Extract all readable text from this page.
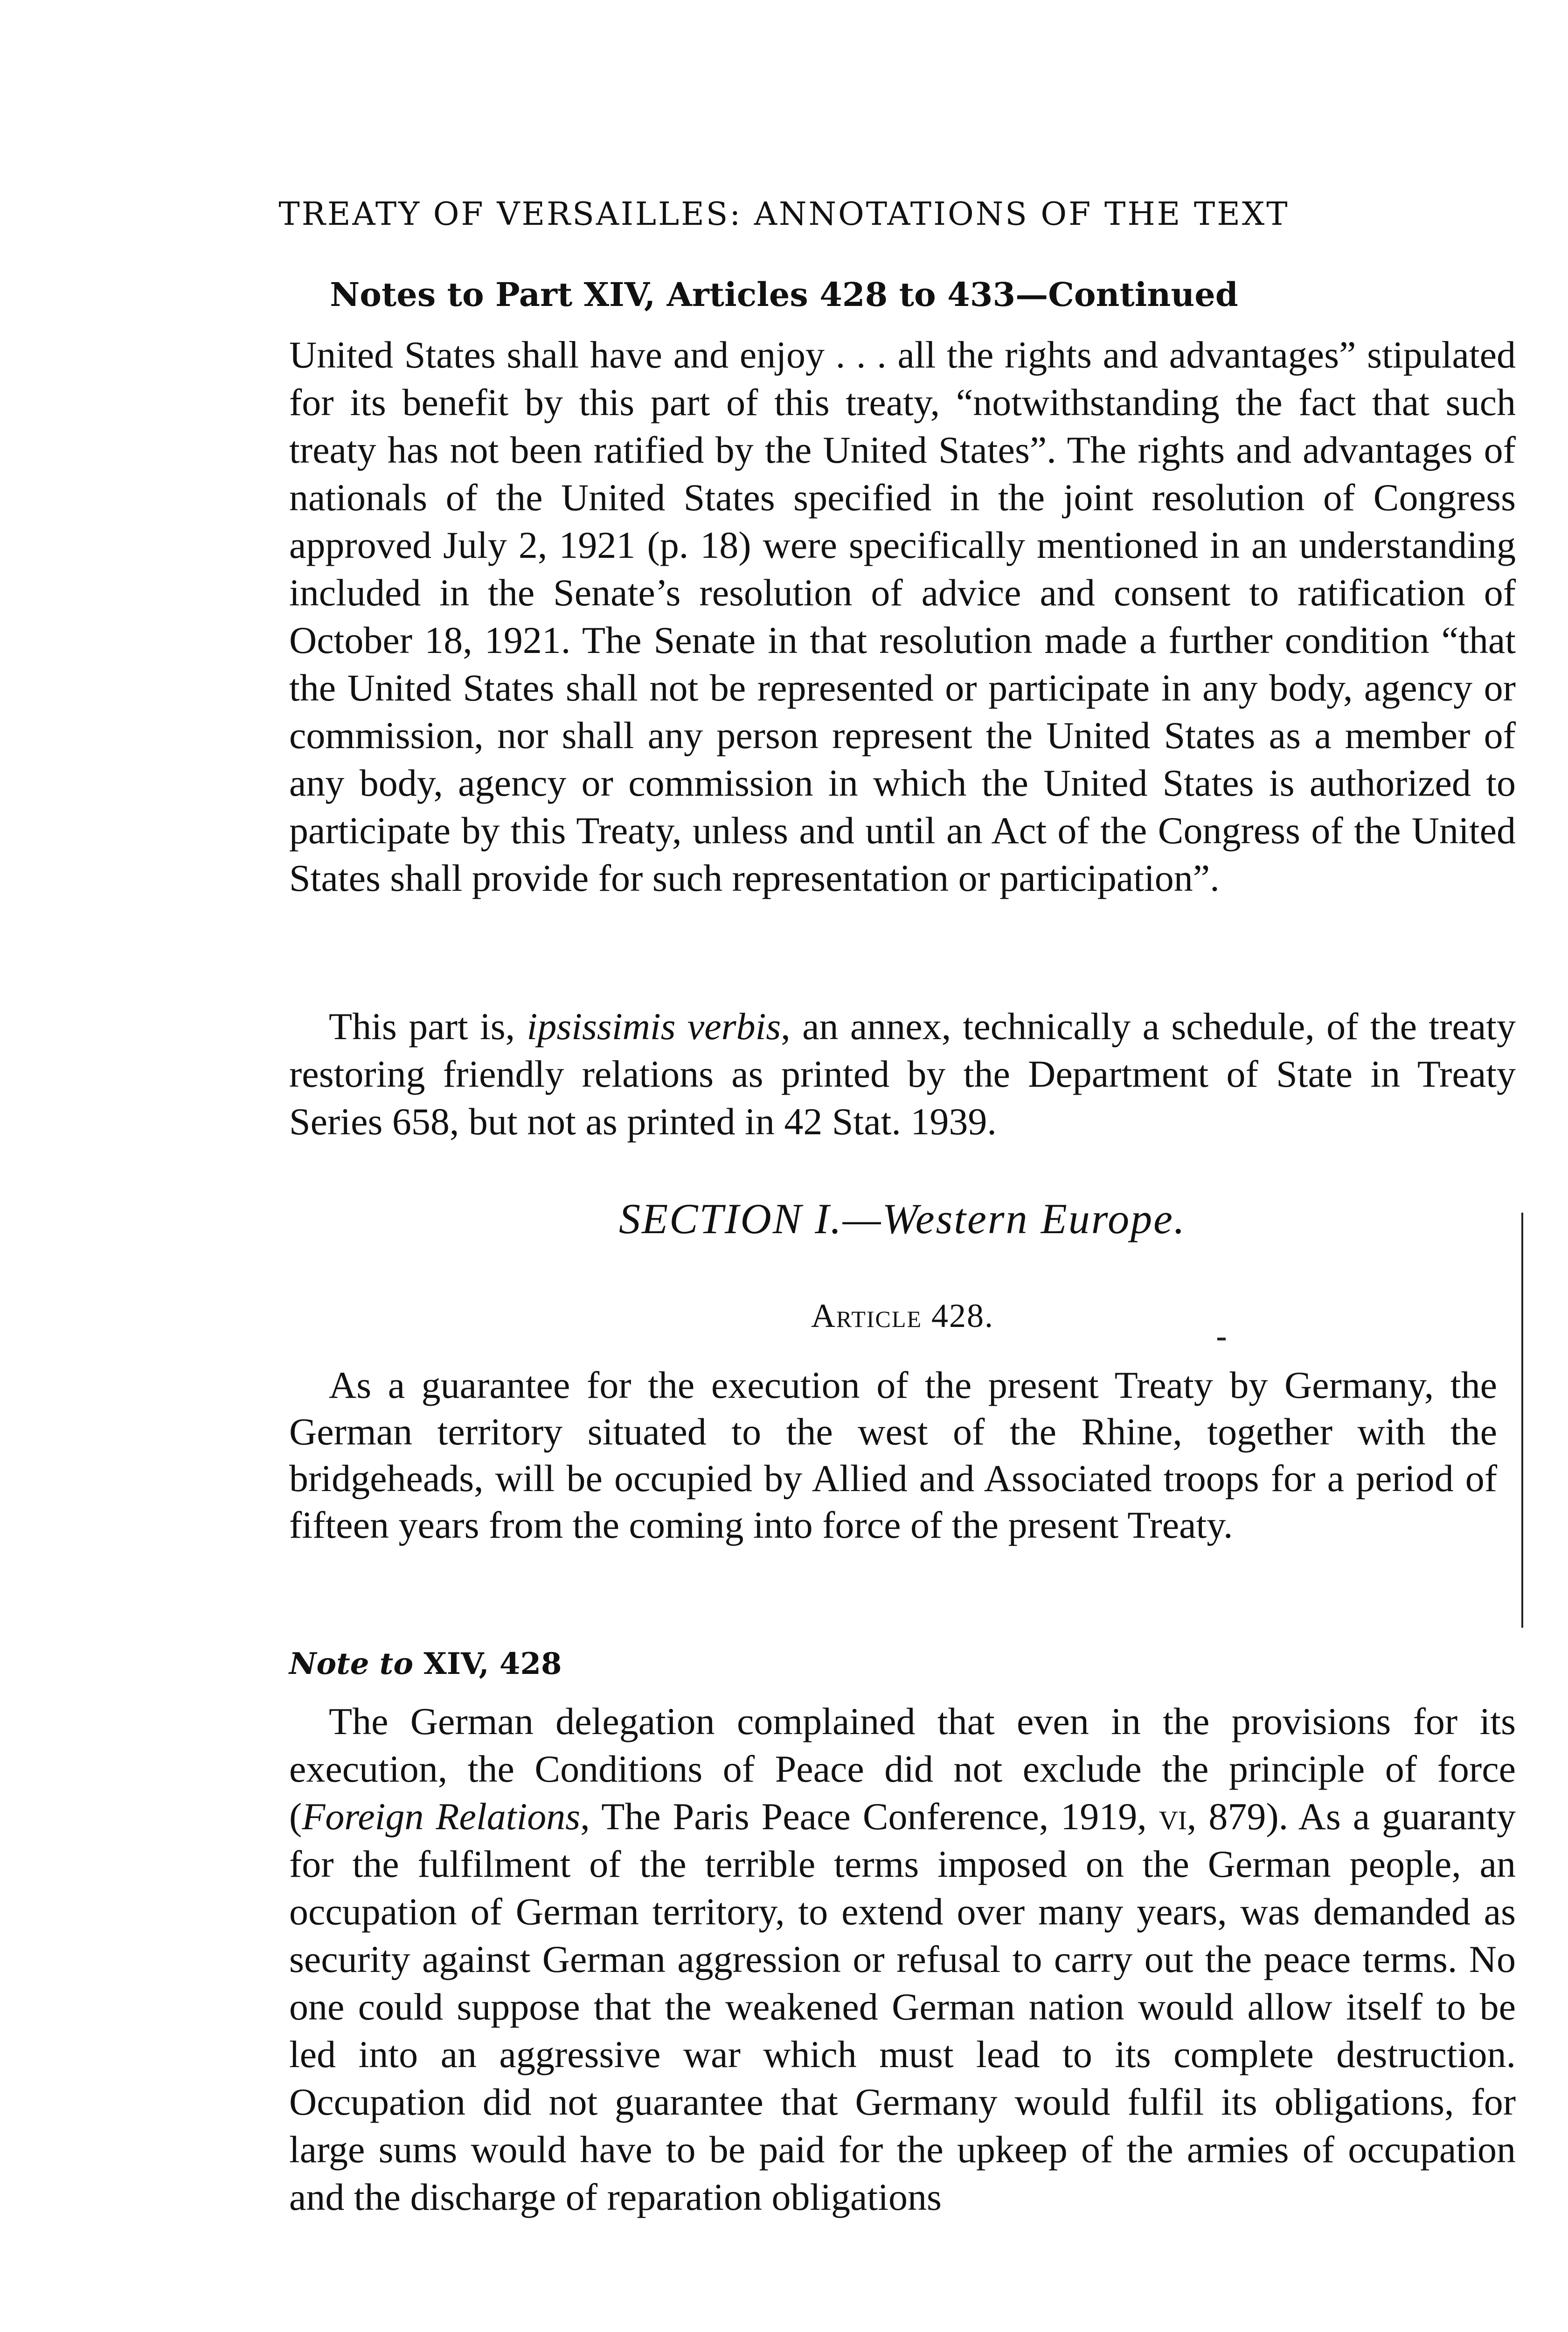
TREATY OF VERSAILLES: ANNOTATIONS OF THE TEXT
Notes to Part XIV, Articles 428 to 433—Continued

United States shall have and enjoy . . . all the rights and advantages” stipulated for its benefit by this part of this treaty, “notwithstanding the fact that such treaty has not been ratified by the United States”. The rights and advantages of nationals of the United States specified in the joint resolution of Congress approved July 2, 1921 (p. 18) were specifically mentioned in an understanding included in the Senate’s resolution of advice and consent to ratification of October 18, 1921. The Senate in that resolution made a further condition “that the United States shall not be represented or participate in any body, agency or commission, nor shall any person represent the United States as a member of any body, agency or commission in which the United States is authorized to participate by this Treaty, unless and until an Act of the Congress of the United States shall provide for such representation or participation”.

This part is, ipsissimis verbis, an annex, technically a schedule, of the treaty restoring friendly relations as printed by the Department of State in Treaty Series 658, but not as printed in 42 Stat. 1939.

SECTION I.—Western Europe.
Article 428.

As a guarantee for the execution of the present Treaty by Germany, the German territory situated to the west of the Rhine, together with the bridgeheads, will be occupied by Allied and Associated troops for a period of fifteen years from the coming into force of the present Treaty.

Note to XIV, 428

The German delegation complained that even in the provisions for its execution, the Conditions of Peace did not exclude the principle of force (Foreign Relations, The Paris Peace Conference, 1919, vi, 879). As a guaranty for the fulfilment of the terrible terms imposed on the German people, an occupation of German territory, to extend over many years, was demanded as security against German aggression or refusal to carry out the peace terms. No one could suppose that the weakened German nation would allow itself to be led into an aggressive war which must lead to its complete destruction. Occupation did not guarantee that Germany would fulfil its obligations, for large sums would have to be paid for the upkeep of the armies of occupation and the discharge of reparation obligations
